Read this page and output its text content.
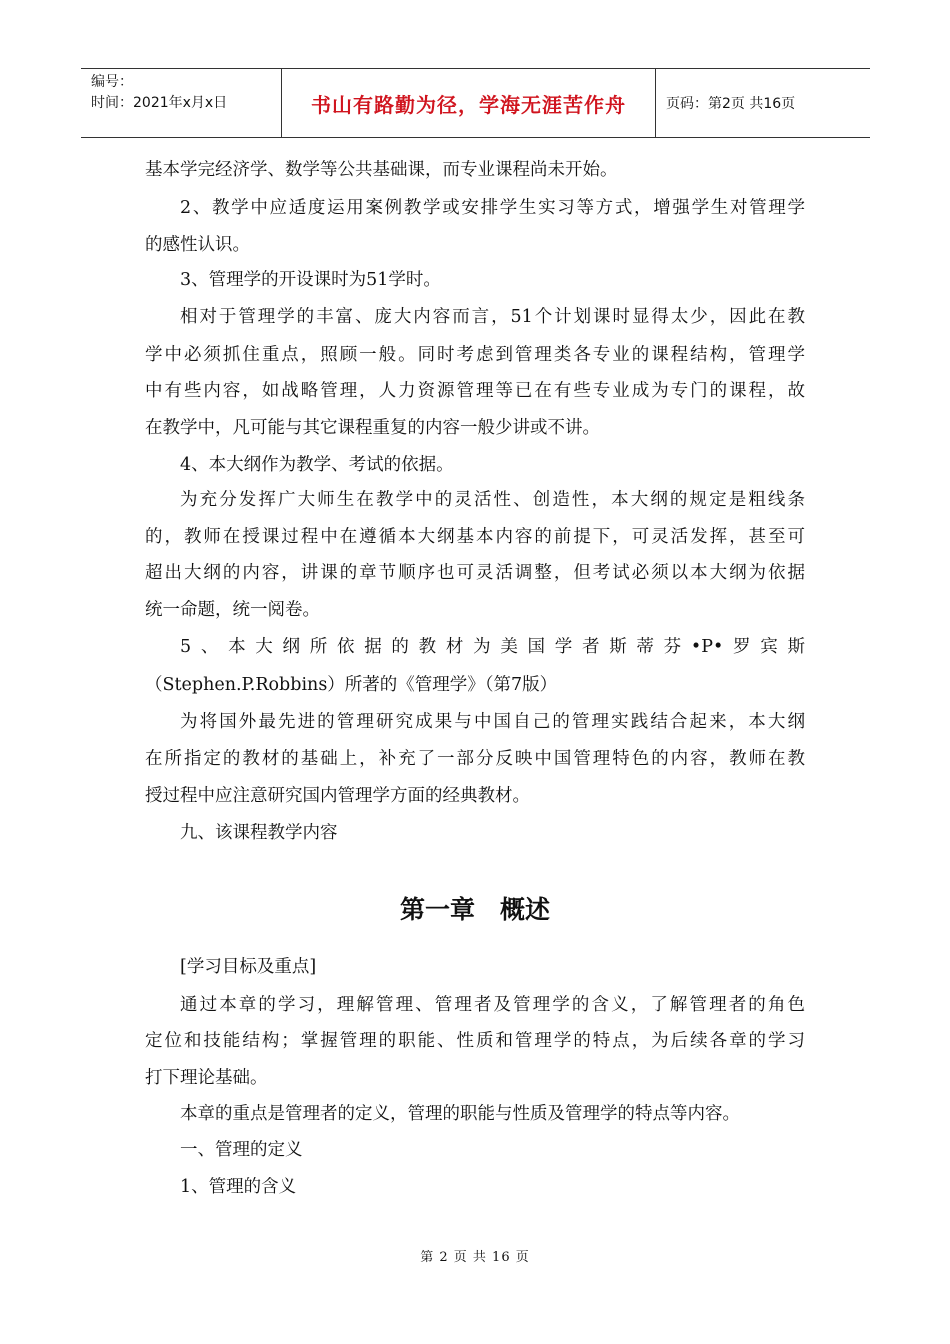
编号：
时间：2021年x月x日	书山有路勤为径，学海无涯苦作舟	页码：第2页 共16页
基本学完经济学、数学等公共基础课，而专业课程尚未开始。
2、教学中应适度运用案例教学或安排学生实习等方式，增强学生对管理学
的感性认识。
3、管理学的开设课时为51学时。
相对于管理学的丰富、庞大内容而言，51个计划课时显得太少，因此在教
学中必须抓住重点，照顾一般。同时考虑到管理类各专业的课程结构，管理学
中有些内容，如战略管理，人力资源管理等已在有些专业成为专门的课程，故
在教学中，凡可能与其它课程重复的内容一般少讲或不讲。
4、本大纲作为教学、考试的依据。
为充分发挥广大师生在教学中的灵活性、创造性，本大纲的规定是粗线条
的，教师在授课过程中在遵循本大纲基本内容的前提下，可灵活发挥，甚至可
超出大纲的内容，讲课的章节顺序也可灵活调整，但考试必须以本大纲为依据
统一命题，统一阅卷。
5、本大纲所依据的教材为美国学者斯蒂芬•P•罗宾斯
（Stephen.P.Robbins）所著的《管理学》（第7版）
为将国外最先进的管理研究成果与中国自己的管理实践结合起来，本大纲
在所指定的教材的基础上，补充了一部分反映中国管理特色的内容，教师在教
授过程中应注意研究国内管理学方面的经典教材。
九、该课程教学内容
第一章　概述
[学习目标及重点]
通过本章的学习，理解管理、管理者及管理学的含义，了解管理者的角色
定位和技能结构；掌握管理的职能、性质和管理学的特点，为后续各章的学习
打下理论基础。
本章的重点是管理者的定义，管理的职能与性质及管理学的特点等内容。
一、管理的定义
1、管理的含义
第 2 页 共 16 页
